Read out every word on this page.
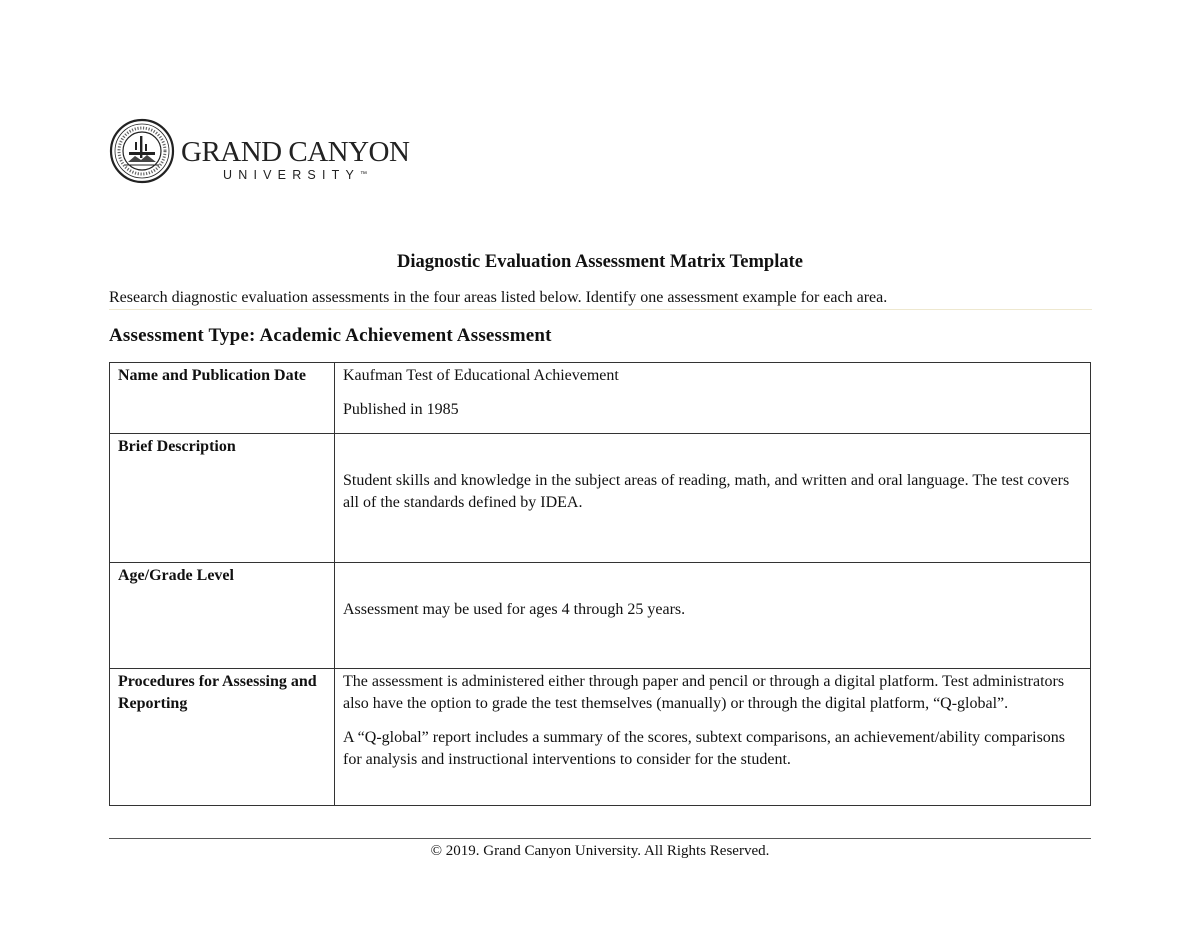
GRAND CANYON
UNIVERSITY™
Diagnostic Evaluation Assessment Matrix Template
Research diagnostic evaluation assessments in the four areas listed below. Identify one assessment example for each area.
Assessment Type: Academic Achievement Assessment
Name and Publication Date	Kaufman Test of Educational Achievement

Published in 1985

Brief Description	Student skills and knowledge in the subject areas of reading, math, and written and oral language. The test covers all of the standards defined by IDEA.

Age/Grade Level	Assessment may be used for ages 4 through 25 years.

Procedures for Assessing and Reporting	The assessment is administered either through paper and pencil or through a digital platform. Test administrators also have the option to grade the test themselves (manually) or through the digital platform, “Q-global”.

A “Q-global” report includes a summary of the scores, subtext comparisons, an achievement/ability comparisons for analysis and instructional interventions to consider for the student.

© 2019. Grand Canyon University. All Rights Reserved.
